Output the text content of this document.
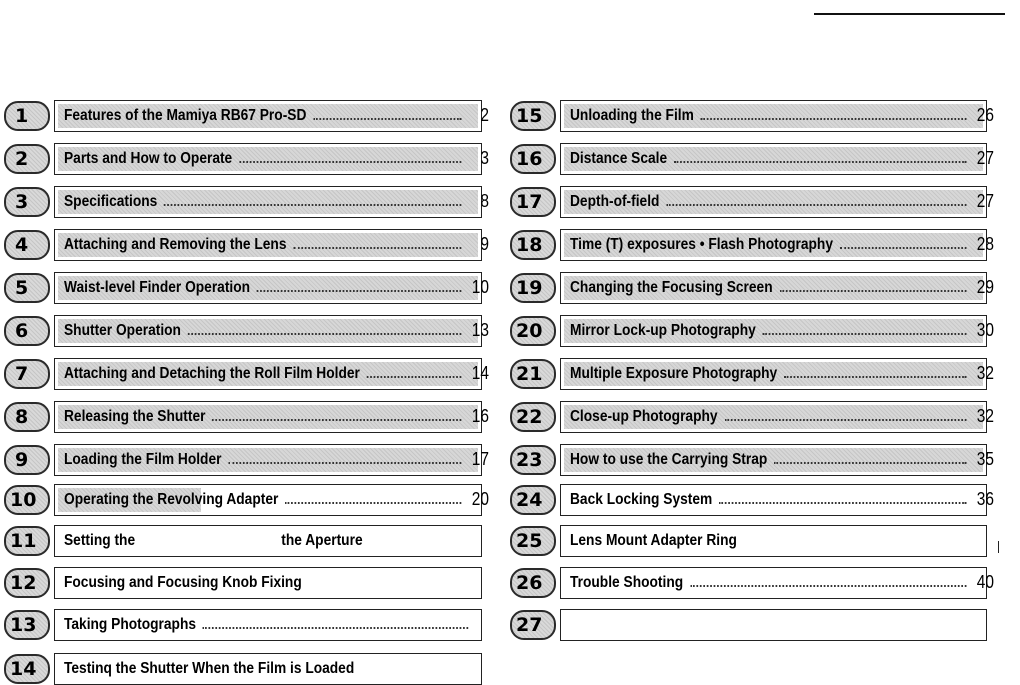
1	Features of the Mamiya RB67 Pro-SD	2
2	Parts and How to Operate	3
3	Specifications	8
4	Attaching and Removing the Lens	9
5	Waist-level Finder Operation	10
6	Shutter Operation	13
7	Attaching and Detaching the Roll Film Holder	14
8	Releasing the Shutter	16
9	Loading the Film Holder	17
10	Operating the Revolving Adapter	20
11	Setting the	the Aperture
12	Focusing and Focusing Knob Fixing
13	Taking Photographs
14	Testinq the Shutter When the Film is Loaded
15	Unloading the Film	26
16	Distance Scale	27
17	Depth-of-field	27
18	Time (T) exposures • Flash Photography	28
19	Changing the Focusing Screen	29
20	Mirror Lock-up Photography	30
21	Multiple Exposure Photography	32
22	Close-up Photography	32
23	How to use the Carrying Strap	35
24	Back Locking System	36
25	Lens Mount Adapter Ring
26	Trouble Shooting	40
27
